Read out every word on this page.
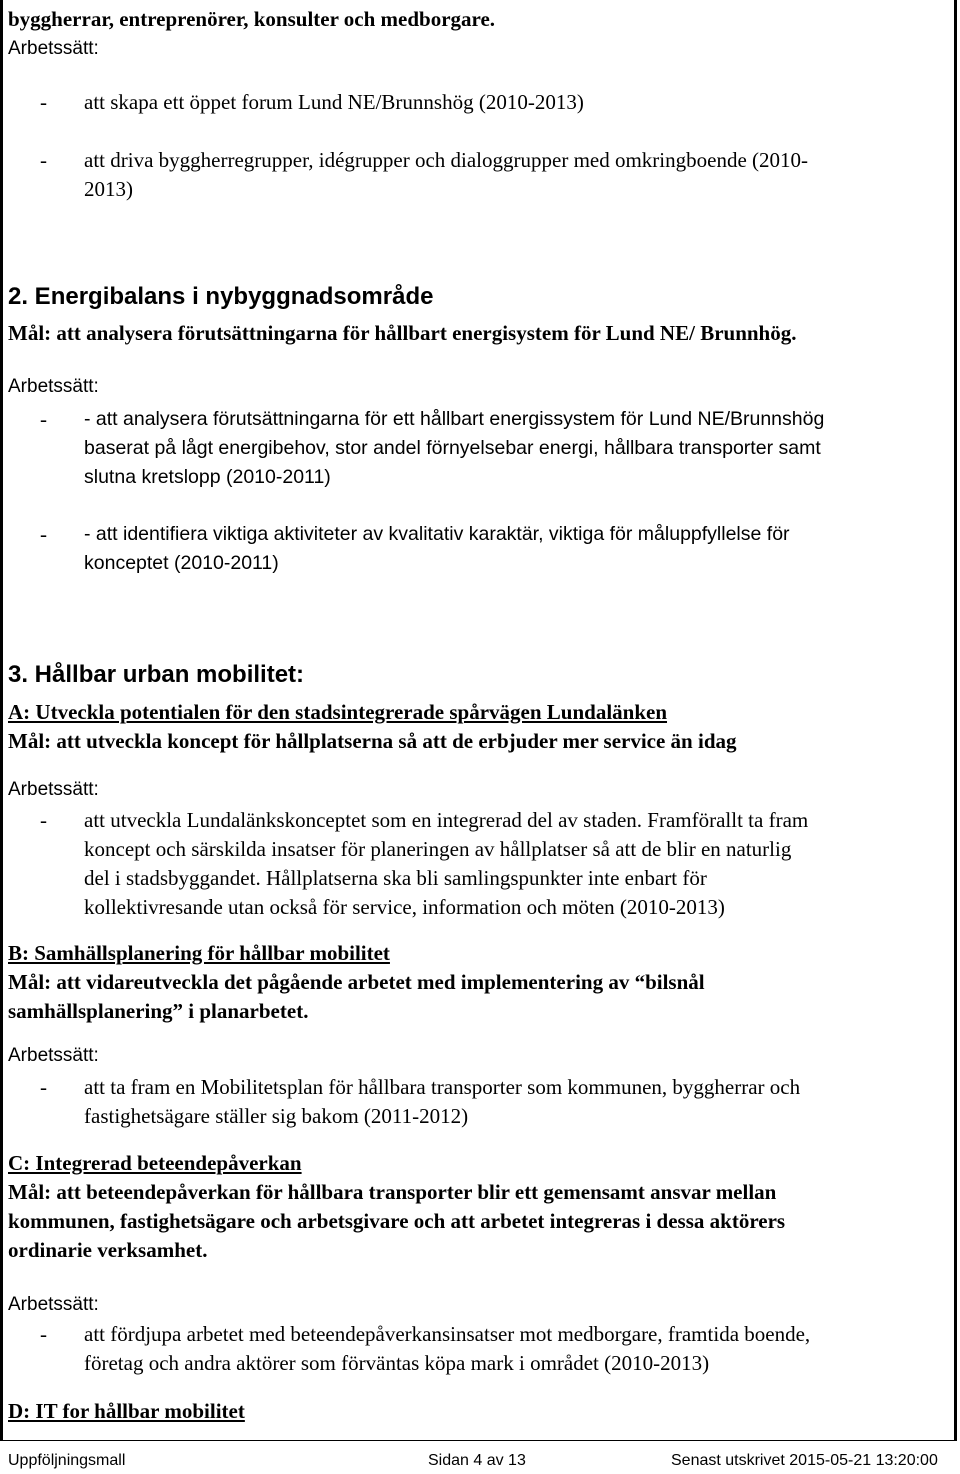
byggherrar, entreprenörer, konsulter och medborgare.
Arbetssätt:
- att skapa ett öppet forum Lund NE/Brunnshög (2010-2013)
- att driva byggherregrupper, idégrupper och dialoggrupper med omkringboende (2010-
2013)
2. Energibalans i nybyggnadsområde
Mål: att analysera förutsättningarna för hållbart energisystem för Lund NE/ Brunnhög.
Arbetssätt:
- - att analysera förutsättningarna för ett hållbart energissystem för Lund NE/Brunnshög
baserat på lågt energibehov, stor andel förnyelsebar energi, hållbara transporter samt
slutna kretslopp (2010-2011)
- - att identifiera viktiga aktiviteter av kvalitativ karaktär, viktiga för måluppfyllelse för
konceptet (2010-2011)
3. Hållbar urban mobilitet:
A: Utveckla potentialen för den stadsintegrerade spårvägen Lundalänken
Mål: att utveckla koncept för hållplatserna så att de erbjuder mer service än idag
Arbetssätt:
- att utveckla Lundalänkskonceptet som en integrerad del av staden. Framförallt ta fram
koncept och särskilda insatser för planeringen av hållplatser så att de blir en naturlig
del i stadsbyggandet. Hållplatserna ska bli samlingspunkter inte enbart för
kollektivresande utan också för service, information och möten (2010-2013)
B: Samhällsplanering för hållbar mobilitet
Mål: att vidareutveckla det pågående arbetet med implementering av “bilsnål
samhällsplanering” i planarbetet.
Arbetssätt:
- att ta fram en Mobilitetsplan för hållbara transporter som kommunen, byggherrar och
fastighetsägare ställer sig bakom (2011-2012)
C: Integrerad beteendepåverkan
Mål: att beteendepåverkan för hållbara transporter blir ett gemensamt ansvar mellan
kommunen, fastighetsägare och arbetsgivare och att arbetet integreras i dessa aktörers
ordinarie verksamhet.
Arbetssätt:
- att fördjupa arbetet med beteendepåverkansinsatser mot medborgare, framtida boende,
företag och andra aktörer som förväntas köpa mark i området (2010-2013)
D: IT for hållbar mobilitet
Uppföljningsmall	Sidan 4 av 13	Senast utskrivet 2015-05-21 13:20:00
